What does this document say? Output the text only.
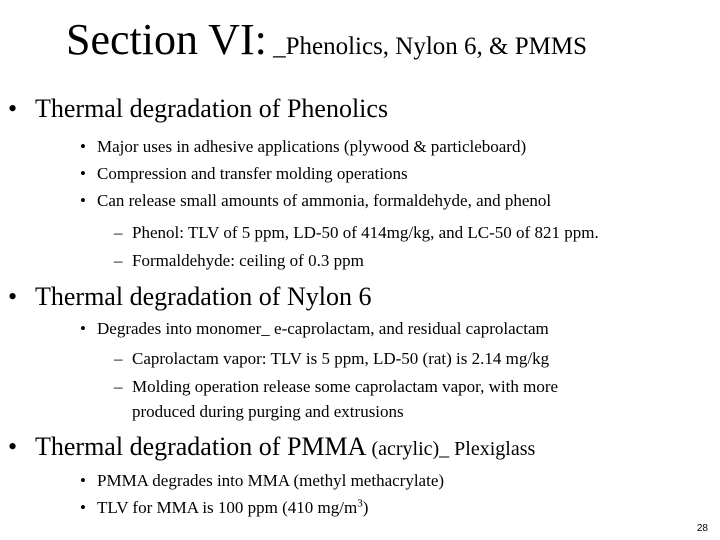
Section VI: _Phenolics, Nylon 6, & PMMS
• Thermal degradation of Phenolics
• Major uses in adhesive applications (plywood & particleboard)
• Compression and transfer molding operations
• Can release small amounts of ammonia, formaldehyde, and phenol
– Phenol: TLV of 5 ppm, LD-50 of 414mg/kg, and LC-50 of 821 ppm.
– Formaldehyde: ceiling of 0.3 ppm
• Thermal degradation of Nylon 6
• Degrades into monomer_ e-caprolactam, and residual caprolactam
– Caprolactam vapor: TLV is 5 ppm, LD-50 (rat) is 2.14 mg/kg
– Molding operation release some caprolactam vapor, with more
produced during purging and extrusions
• Thermal degradation of PMMA (acrylic)_ Plexiglass
• PMMA degrades into MMA (methyl methacrylate)
• TLV for MMA is 100 ppm (410 $mg/m^3$)
28
